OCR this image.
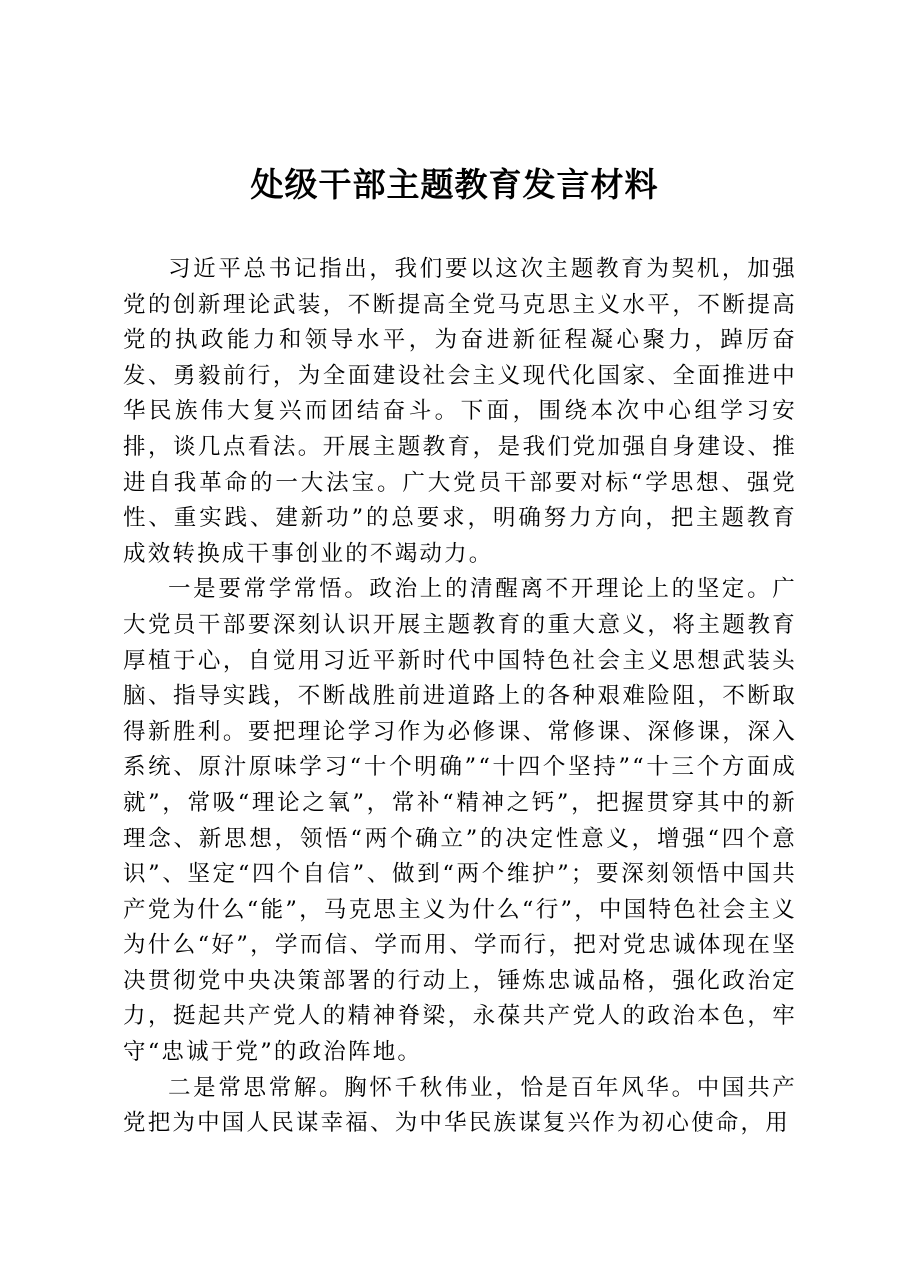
处级干部主题教育发言材料

习近平总书记指出，我们要以这次主题教育为契机，加强党的创新理论武装，不断提高全党马克思主义水平，不断提高党的执政能力和领导水平，为奋进新征程凝心聚力，踔厉奋发、勇毅前行，为全面建设社会主义现代化国家、全面推进中华民族伟大复兴而团结奋斗。下面，围绕本次中心组学习安排，谈几点看法。开展主题教育，是我们党加强自身建设、推进自我革命的一大法宝。广大党员干部要对标“学思想、强党性、重实践、建新功”的总要求，明确努力方向，把主题教育成效转换成干事创业的不竭动力。

一是要常学常悟。政治上的清醒离不开理论上的坚定。广大党员干部要深刻认识开展主题教育的重大意义，将主题教育厚植于心，自觉用习近平新时代中国特色社会主义思想武装头脑、指导实践，不断战胜前进道路上的各种艰难险阻，不断取得新胜利。要把理论学习作为必修课、常修课、深修课，深入系统、原汁原味学习“十个明确”“十四个坚持”“十三个方面成就”，常吸“理论之氧”，常补“精神之钙”，把握贯穿其中的新理念、新思想，领悟“两个确立”的决定性意义，增强“四个意识”、坚定“四个自信”、做到“两个维护”；要深刻领悟中国共产党为什么“能”，马克思主义为什么“行”，中国特色社会主义为什么“好”，学而信、学而用、学而行，把对党忠诚体现在坚决贯彻党中央决策部署的行动上，锤炼忠诚品格，强化政治定力，挺起共产党人的精神脊梁，永葆共产党人的政治本色，牢守“忠诚于党”的政治阵地。

二是常思常解。胸怀千秋伟业，恰是百年风华。中国共产党把为中国人民谋幸福、为中华民族谋复兴作为初心使命，用
